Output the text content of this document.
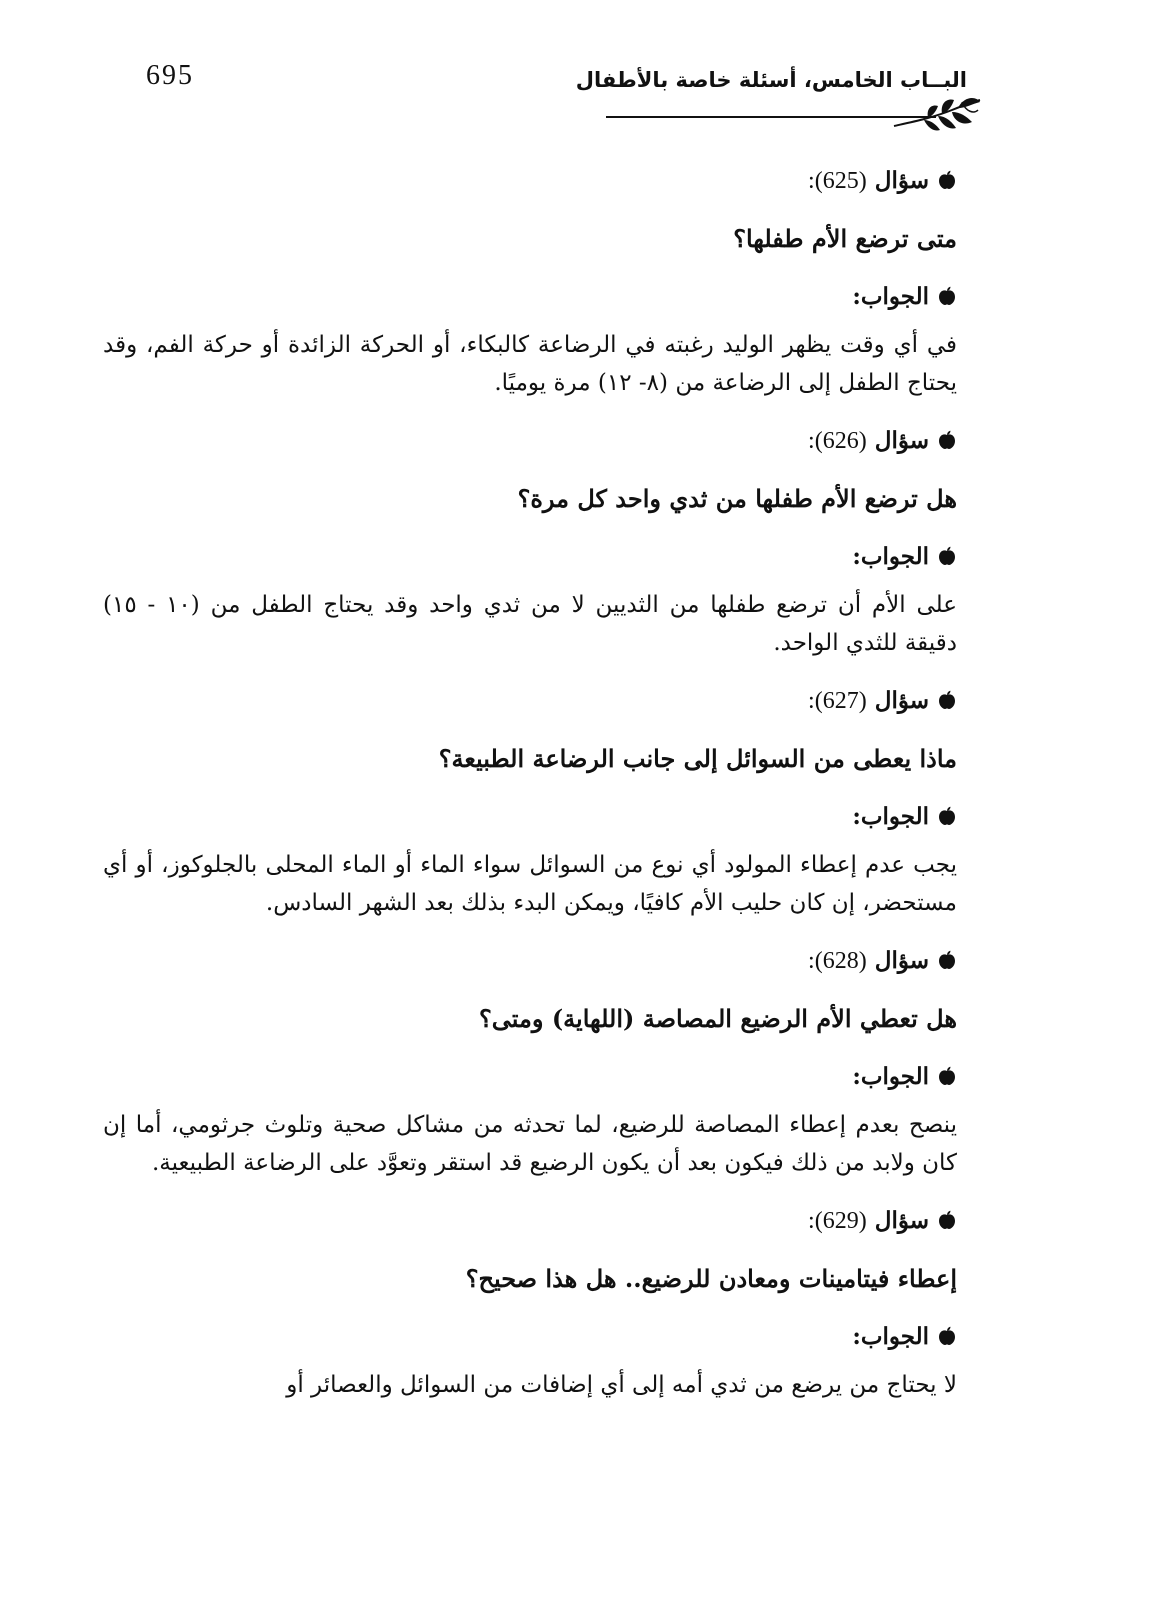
695	البــاب الخامس، أسئلة خاصة بالأطفال
سؤال (625):
متى ترضع الأم طفلها؟
الجواب:
في أي وقت يظهر الوليد رغبته في الرضاعة كالبكاء، أو الحركة الزائدة أو حركة الفم، وقد يحتاج الطفل إلى الرضاعة من (٨- ١٢) مرة يوميًا.
سؤال (626):
هل ترضع الأم طفلها من ثدي واحد كل مرة؟
الجواب:
على الأم أن ترضع طفلها من الثديين لا من ثدي واحد وقد يحتاج الطفل من (١٠ - ١٥) دقيقة للثدي الواحد.
سؤال (627):
ماذا يعطى من السوائل إلى جانب الرضاعة الطبيعة؟
الجواب:
يجب عدم إعطاء المولود أي نوع من السوائل سواء الماء أو الماء المحلى بالجلوكوز، أو أي مستحضر، إن كان حليب الأم كافيًا، ويمكن البدء بذلك بعد الشهر السادس.
سؤال (628):
هل تعطي الأم الرضيع المصاصة (اللهاية) ومتى؟
الجواب:
ينصح بعدم إعطاء المصاصة للرضيع، لما تحدثه من مشاكل صحية وتلوث جرثومي، أما إن كان ولابد من ذلك فيكون بعد أن يكون الرضيع قد استقر وتعوَّد على الرضاعة الطبيعية.
سؤال (629):
إعطاء فيتامينات ومعادن للرضيع.. هل هذا صحيح؟
الجواب:
لا يحتاج من يرضع من ثدي أمه إلى أي إضافات من السوائل والعصائر أو
